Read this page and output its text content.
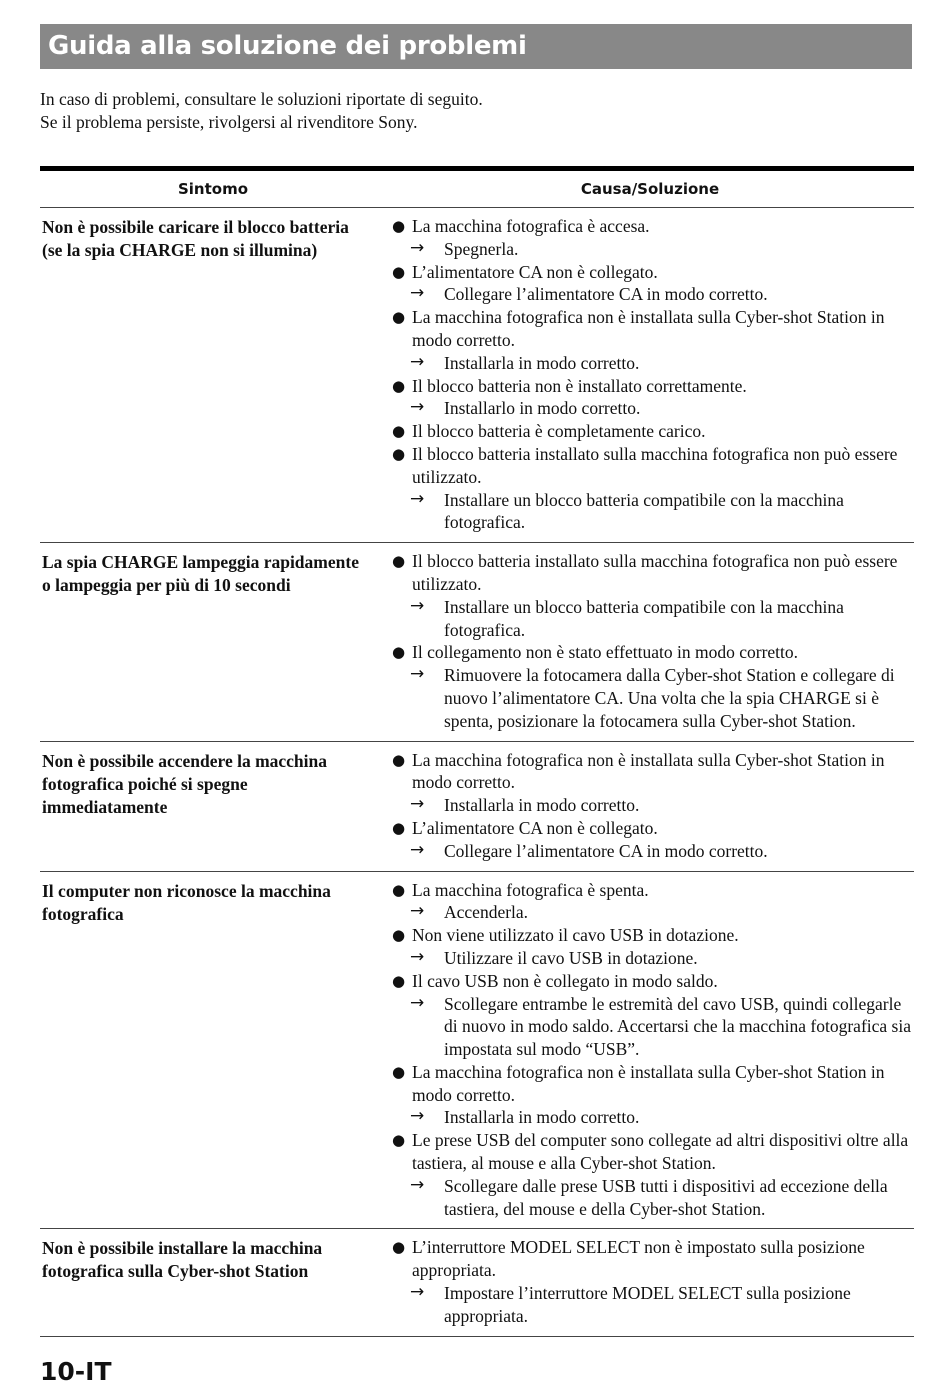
Guida alla soluzione dei problemi

In caso di problemi, consultare le soluzioni riportate di seguito.

Se il problema persiste, rivolgersi al rivenditore Sony.

Sintomo	Causa/Soluzione
Non è possibile caricare il blocco batteria (se la spia CHARGE non si illumina)
● La macchina fotografica è accesa.
→ Spegnerla.
● L’alimentatore CA non è collegato.
→ Collegare l’alimentatore CA in modo corretto.
● La macchina fotografica non è installata sulla Cyber-shot Station in modo corretto.
→ Installarla in modo corretto.
● Il blocco batteria non è installato correttamente.
→ Installarlo in modo corretto.
● Il blocco batteria è completamente carico.
● Il blocco batteria installato sulla macchina fotografica non può essere utilizzato.
→ Installare un blocco batteria compatibile con la macchina fotografica.
La spia CHARGE lampeggia rapidamente o lampeggia per più di 10 secondi
● Il blocco batteria installato sulla macchina fotografica non può essere utilizzato.
→ Installare un blocco batteria compatibile con la macchina fotografica.
● Il collegamento non è stato effettuato in modo corretto.
→ Rimuovere la fotocamera dalla Cyber-shot Station e collegare di nuovo l’alimentatore CA. Una volta che la spia CHARGE si è spenta, posizionare la fotocamera sulla Cyber-shot Station.
Non è possibile accendere la macchina fotografica poiché si spegne immediatamente
● La macchina fotografica non è installata sulla Cyber-shot Station in modo corretto.
→ Installarla in modo corretto.
● L’alimentatore CA non è collegato.
→ Collegare l’alimentatore CA in modo corretto.
Il computer non riconosce la macchina fotografica
● La macchina fotografica è spenta.
→ Accenderla.
● Non viene utilizzato il cavo USB in dotazione.
→ Utilizzare il cavo USB in dotazione.
● Il cavo USB non è collegato in modo saldo.
→ Scollegare entrambe le estremità del cavo USB, quindi collegarle di nuovo in modo saldo. Accertarsi che la macchina fotografica sia impostata sul modo “USB”.
● La macchina fotografica non è installata sulla Cyber-shot Station in modo corretto.
→ Installarla in modo corretto.
● Le prese USB del computer sono collegate ad altri dispositivi oltre alla tastiera, al mouse e alla Cyber-shot Station.
→ Scollegare dalle prese USB tutti i dispositivi ad eccezione della tastiera, del mouse e della Cyber-shot Station.
Non è possibile installare la macchina fotografica sulla Cyber-shot Station
● L’interruttore MODEL SELECT non è impostato sulla posizione appropriata.
→ Impostare l’interruttore MODEL SELECT sulla posizione appropriata.
10-IT
